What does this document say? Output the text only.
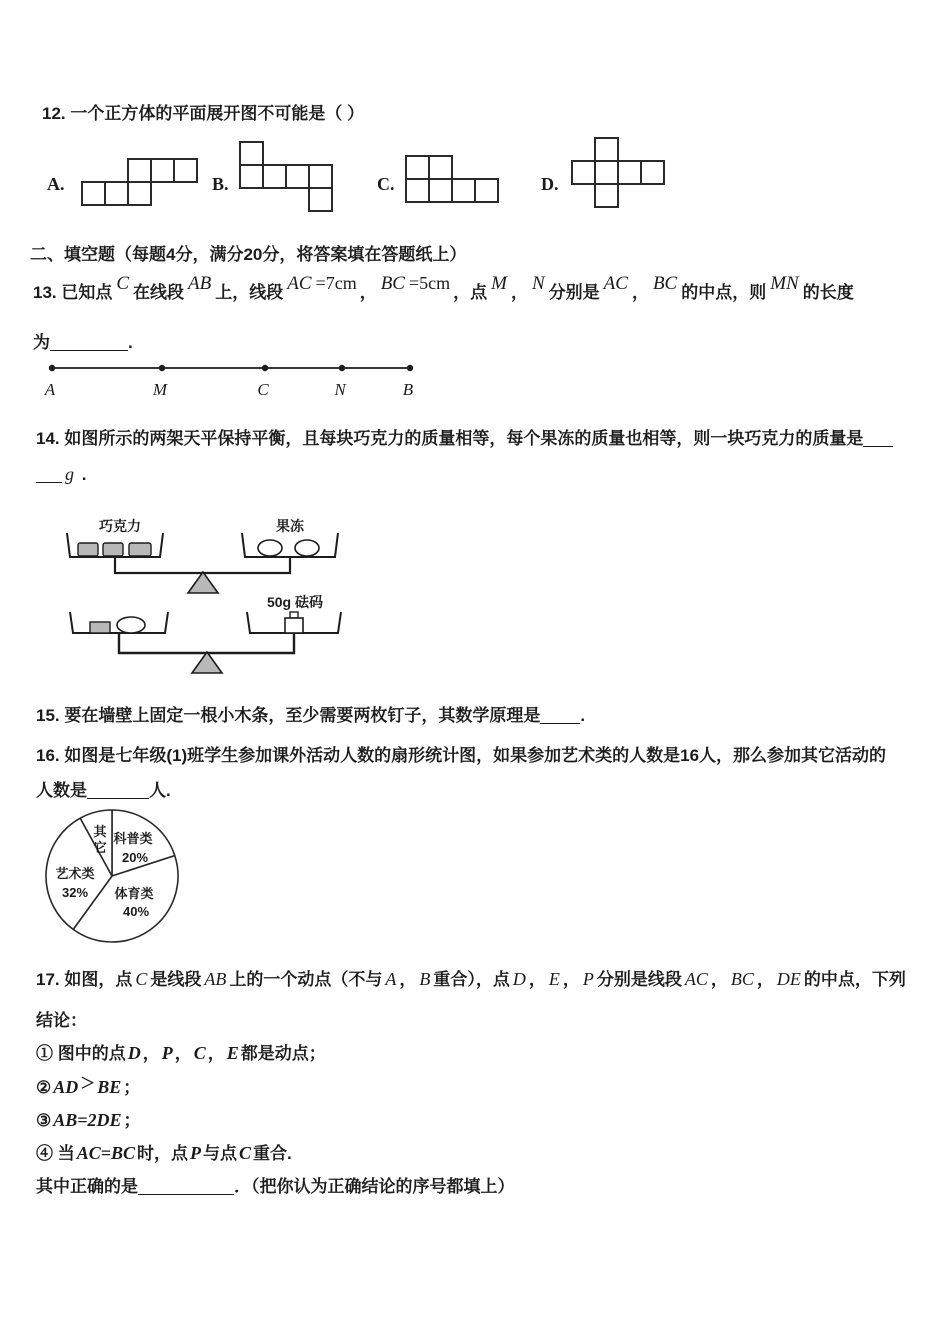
12. 一个正方体的平面展开图不可能是（ ）
A.	B.	C.	D.
二、填空题（每题4分，满分20分，将答案填在答题纸上）
13. 已知点 C 在线段 AB 上，线段 AC =7cm ， BC =5cm ，点 M ， N 分别是 AC ， BC 的中点，则 MN 的长度
为	.
A	M	C	N	B
14. 如图所示的两架天平保持平衡，且每块巧克力的质量相等，每个果冻的质量也相等，则一块巧克力的质量是
g .
巧克力	果冻
50g 砝码
15. 要在墙壁上固定一根小木条，至少需要两枚钉子，其数学原理是 .
16. 如图是七年级(1)班学生参加课外活动人数的扇形统计图，如果参加艺术类的人数是16人，那么参加其它活动的
人数是	人.
科普类
20%
体育类
40%
艺术类
32%
其
它
17. 如图，点 C 是线段 AB 上的一个动点（不与 A ， B 重合），点 D ， E ， P 分别是线段 AC ， BC ， DE 的中点，下列
结论：
① 图中的点 D ， P ， C ， E 都是动点；
② AD ＞ BE ；
③ AB=2DE ；
④ 当 AC=BC 时，点 P 与点 C 重合.
其中正确的是	．（把你认为正确结论的序号都填上）
